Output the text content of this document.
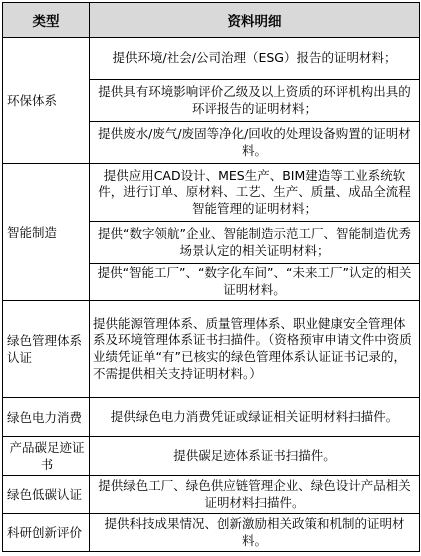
类型	资料明细
环保体系	提供环境/社会/公司治理（ESG）报告的证明材料；
	提供具有环境影响评价乙级及以上资质的环评机构出具的环评报告的证明材料；
	提供废水/废气/废固等净化/回收的处理设备购置的证明材料。
智能制造	提供应用CAD设计、MES生产、BIM建造等工业系统软件，进行订单、原材料、工艺、生产、质量、成品全流程智能管理的证明材料；
	提供“数字领航”企业、智能制造示范工厂、智能制造优秀场景认定的相关证明材料；
	提供“智能工厂”、“数字化车间”、“未来工厂”认定的相关证明材料。
绿色管理体系认证	提供能源管理体系、质量管理体系、职业健康安全管理体系及环境管理体系证书扫描件。（资格预审申请文件中资质业绩凭证单“有”已核实的绿色管理体系认证证书记录的，不需提供相关支持证明材料。）
绿色电力消费	提供绿色电力消费凭证或绿证相关证明材料扫描件。
产品碳足迹证书	提供碳足迹体系证书扫描件。
绿色低碳认证	提供绿色工厂、绿色供应链管理企业、绿色设计产品相关证明材料扫描件。
科研创新评价	提供科技成果情况、创新激励相关政策和机制的证明材料。
